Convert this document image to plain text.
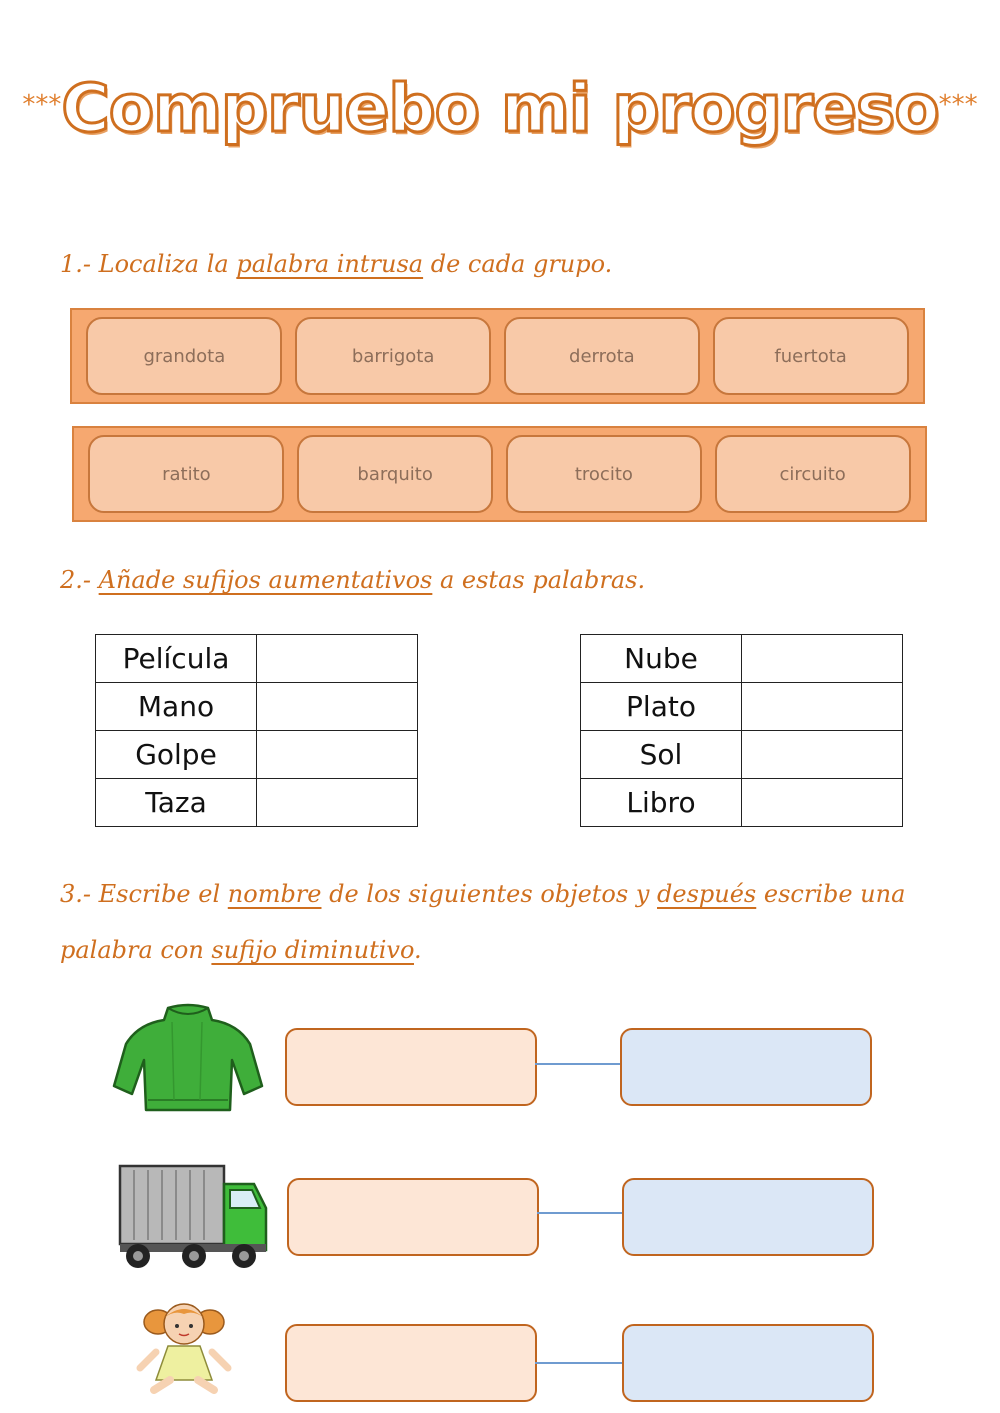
***Compruebo mi progreso***
1.- Localiza la palabra intrusa de cada grupo.
grandota	barrigota	derrota	fuertota
ratito	barquito	trocito	circuito
2.- Añade sufijos aumentativos a estas palabras.
Película	
Mano	
Golpe	
Taza	
Nube	
Plato	
Sol	
Libro	
3.- Escribe el nombre de los siguientes objetos y después escribe una
palabra con sufijo diminutivo.
